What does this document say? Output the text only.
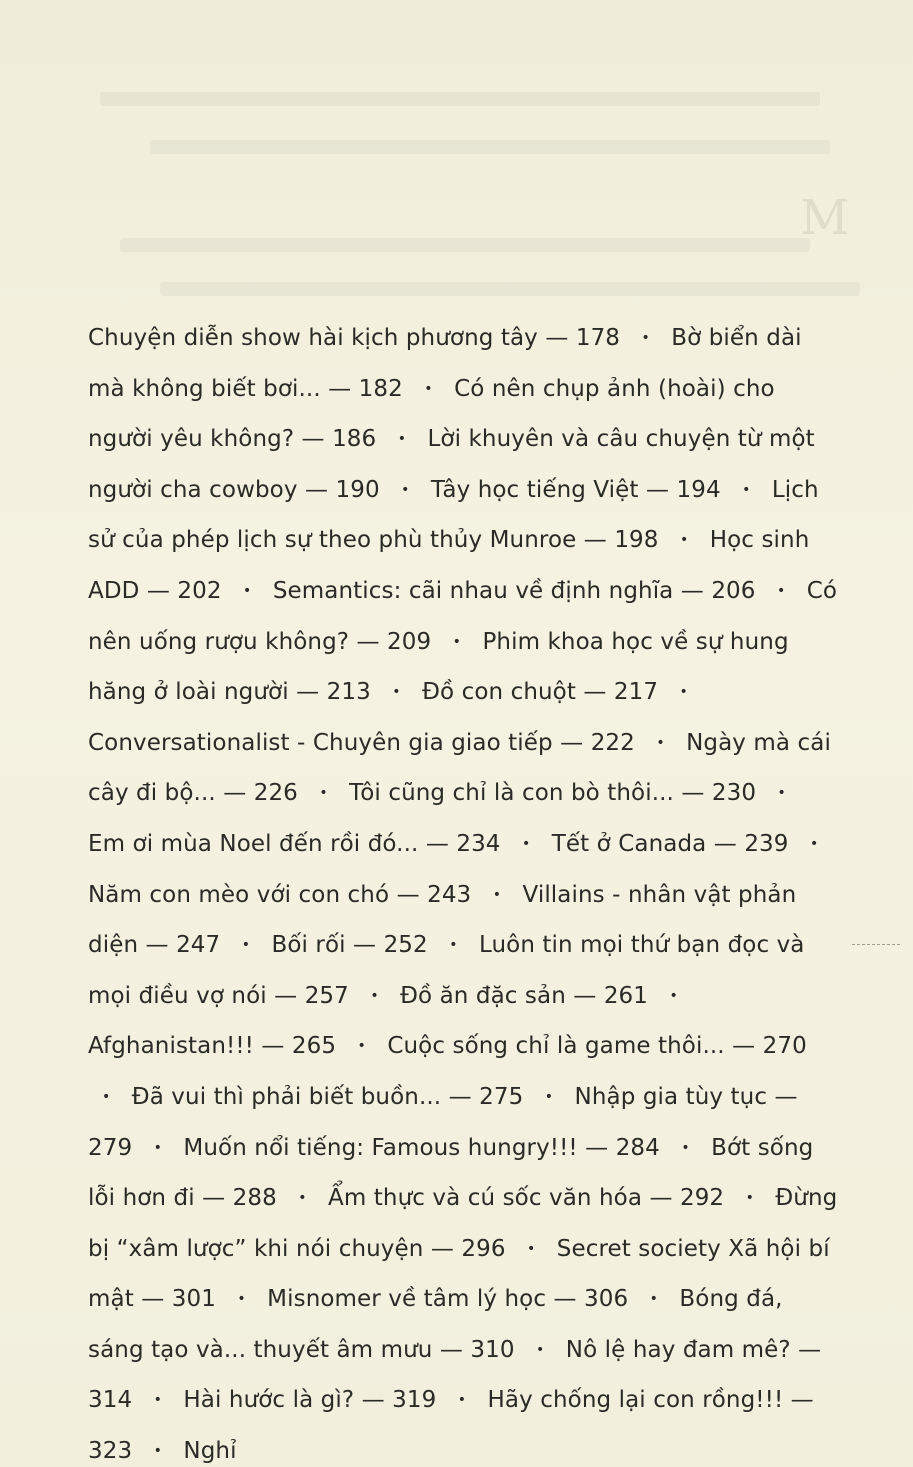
M

Chuyện diễn show hài kịch phương tây — 178 • Bờ biển dài mà không biết bơi... — 182 • Có nên chụp ảnh (hoài) cho người yêu không? — 186 • Lời khuyên và câu chuyện từ một người cha cowboy — 190 • Tây học tiếng Việt — 194 • Lịch sử của phép lịch sự theo phù thủy Munroe — 198 • Học sinh ADD — 202 • Semantics: cãi nhau về định nghĩa — 206 • Có nên uống rượu không? — 209 • Phim khoa học về sự hung hăng ở loài người — 213 • Đồ con chuột — 217 • Conversationalist - Chuyên gia giao tiếp — 222 • Ngày mà cái cây đi bộ... — 226 • Tôi cũng chỉ là con bò thôi... — 230 • Em ơi mùa Noel đến rồi đó... — 234 • Tết ở Canada — 239 • Năm con mèo với con chó — 243 • Villains - nhân vật phản diện — 247 • Bối rối — 252 • Luôn tin mọi thứ bạn đọc và mọi điều vợ nói — 257 • Đồ ăn đặc sản — 261 • Afghanistan!!! — 265 • Cuộc sống chỉ là game thôi... — 270 • Đã vui thì phải biết buồn... — 275 • Nhập gia tùy tục — 279 • Muốn nổi tiếng: Famous hungry!!! — 284 • Bớt sống lỗi hơn đi — 288 • Ẩm thực và cú sốc văn hóa — 292 • Đừng bị “xâm lược” khi nói chuyện — 296 • Secret society Xã hội bí mật — 301 • Misnomer về tâm lý học — 306 • Bóng đá, sáng tạo và... thuyết âm mưu — 310 • Nô lệ hay đam mê? — 314 • Hài hước là gì? — 319 • Hãy chống lại con rồng!!! — 323 • Nghỉ
